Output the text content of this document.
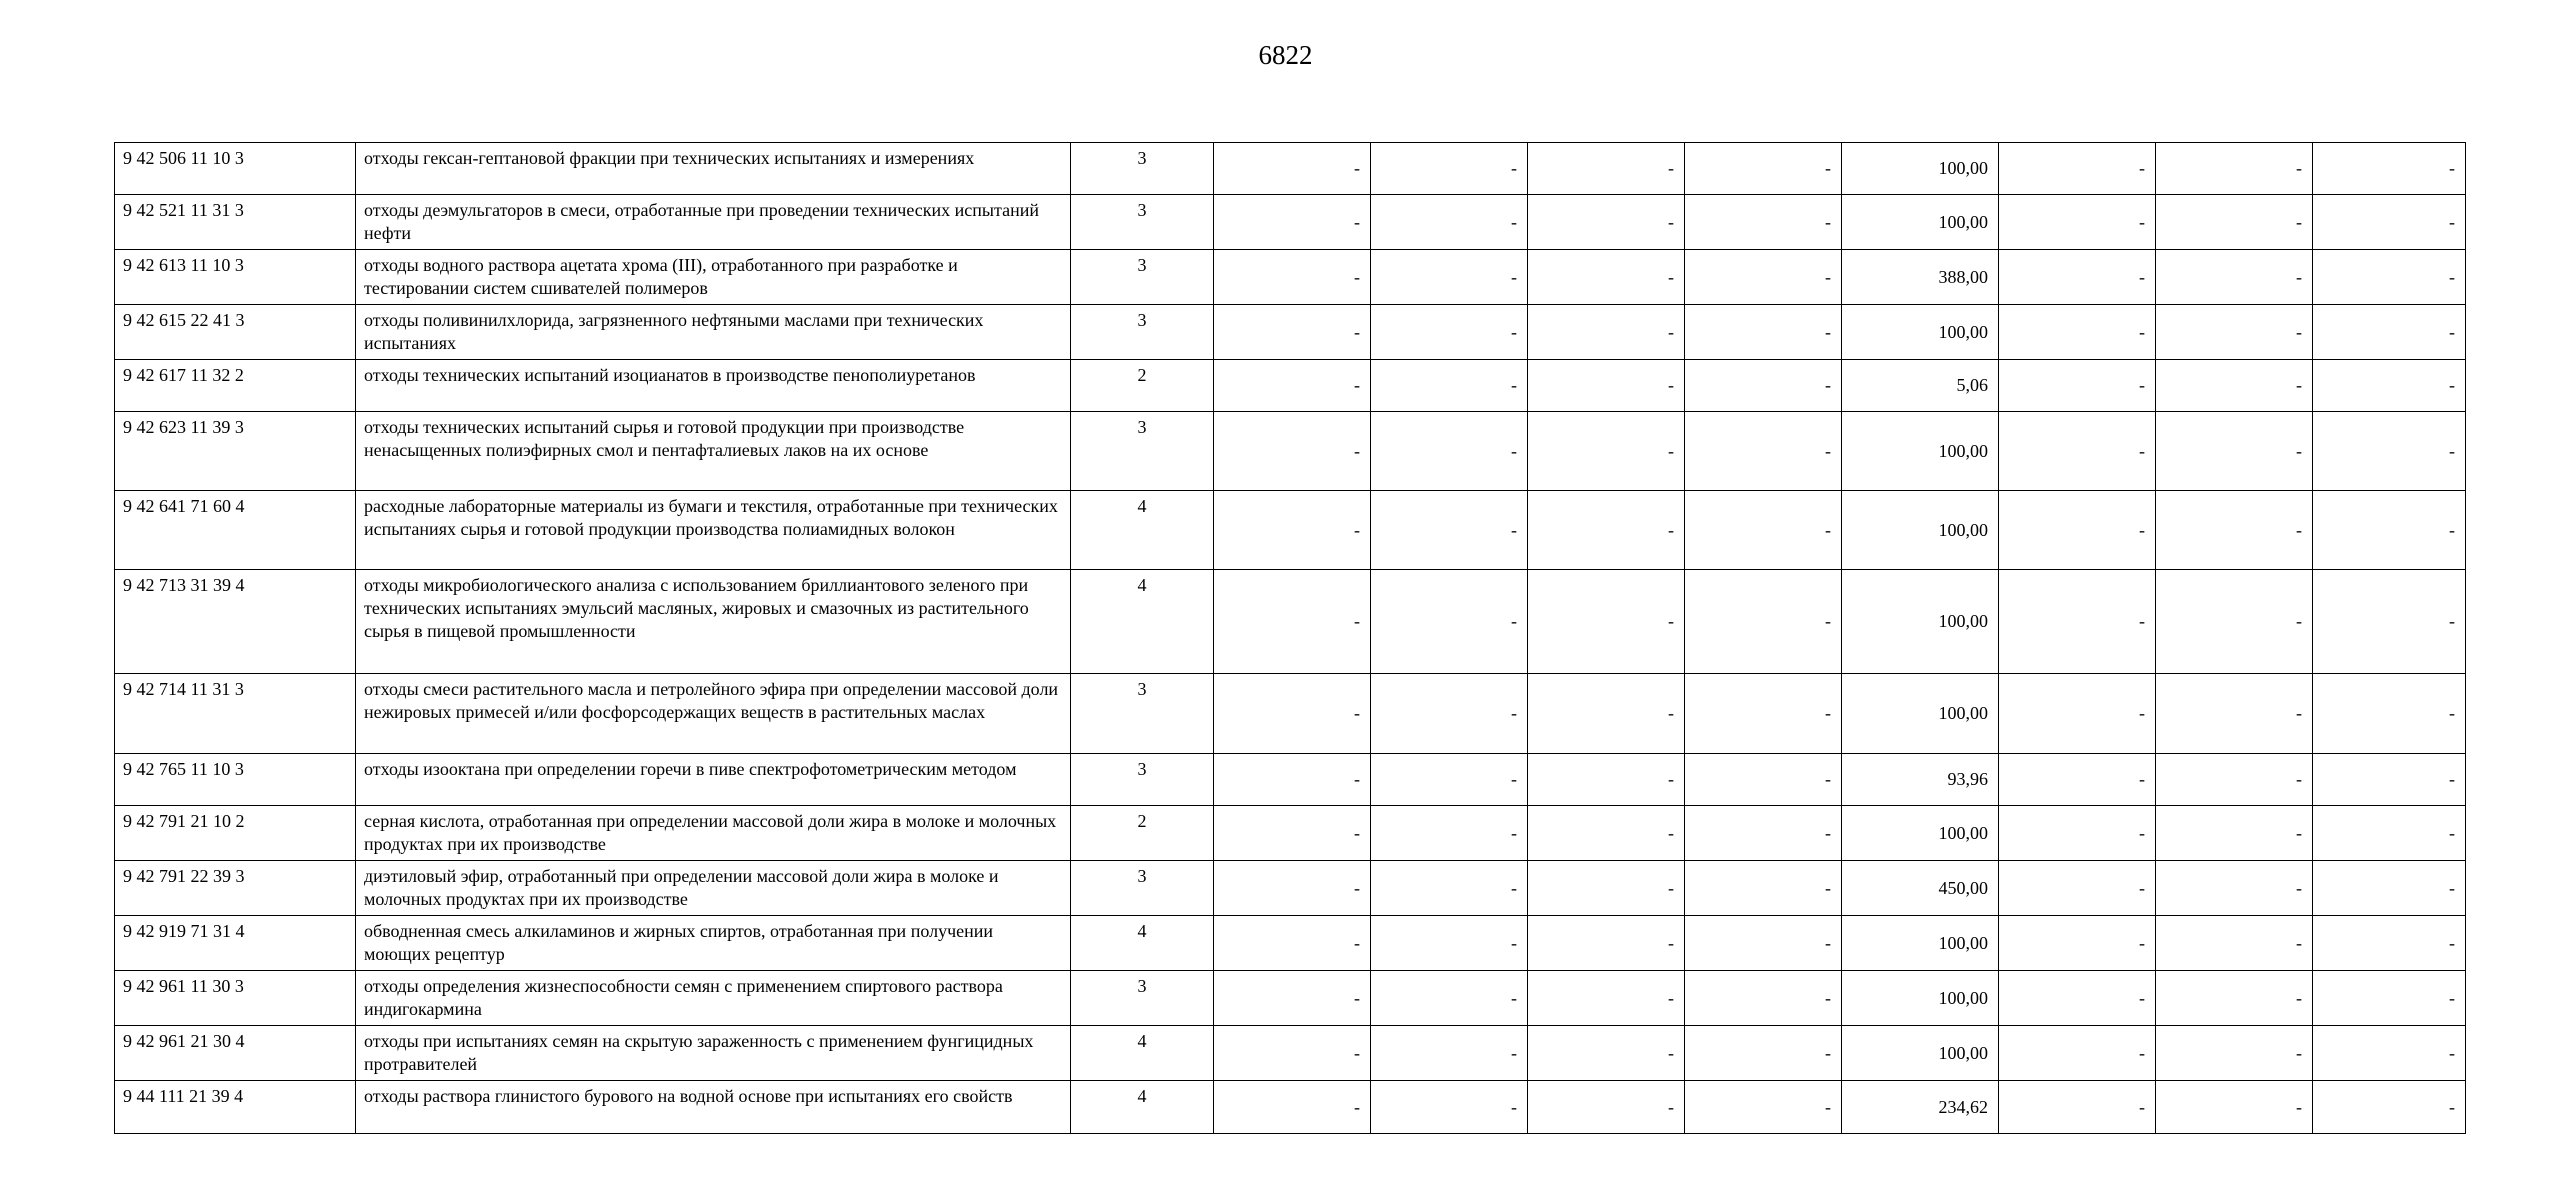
6822
9 42 506 11 10 3	отходы гексан-гептановой фракции при технических испытаниях и измерениях	3	-	-	-	-	100,00	-	-	-
9 42 521 11 31 3	отходы деэмульгаторов в смеси, отработанные при проведении технических испытаний нефти	3	-	-	-	-	100,00	-	-	-
9 42 613 11 10 3	отходы водного раствора ацетата хрома (III), отработанного при разработке и тестировании систем сшивателей полимеров	3	-	-	-	-	388,00	-	-	-
9 42 615 22 41 3	отходы поливинилхлорида, загрязненного нефтяными маслами при технических испытаниях	3	-	-	-	-	100,00	-	-	-
9 42 617 11 32 2	отходы технических испытаний изоцианатов в производстве пенополиуретанов	2	-	-	-	-	5,06	-	-	-
9 42 623 11 39 3	отходы технических испытаний сырья и готовой продукции при производстве ненасыщенных полиэфирных смол и пентафталиевых лаков на их основе	3	-	-	-	-	100,00	-	-	-
9 42 641 71 60 4	расходные лабораторные материалы из бумаги и текстиля, отработанные при технических испытаниях сырья и готовой продукции производства полиамидных волокон	4	-	-	-	-	100,00	-	-	-
9 42 713 31 39 4	отходы микробиологического анализа с использованием бриллиантового зеленого при технических испытаниях эмульсий масляных, жировых и смазочных из растительного сырья в пищевой промышленности	4	-	-	-	-	100,00	-	-	-
9 42 714 11 31 3	отходы смеси растительного масла и петролейного эфира при определении массовой доли нежировых примесей и/или фосфорсодержащих веществ в растительных маслах	3	-	-	-	-	100,00	-	-	-
9 42 765 11 10 3	отходы изооктана при определении горечи в пиве спектрофотометрическим методом	3	-	-	-	-	93,96	-	-	-
9 42 791 21 10 2	серная кислота, отработанная при определении массовой доли жира в молоке и молочных продуктах при их производстве	2	-	-	-	-	100,00	-	-	-
9 42 791 22 39 3	диэтиловый эфир, отработанный при определении массовой доли жира в молоке и молочных продуктах при их производстве	3	-	-	-	-	450,00	-	-	-
9 42 919 71 31 4	обводненная смесь алкиламинов и жирных спиртов, отработанная при получении моющих рецептур	4	-	-	-	-	100,00	-	-	-
9 42 961 11 30 3	отходы определения жизнеспособности семян с применением спиртового раствора индигокармина	3	-	-	-	-	100,00	-	-	-
9 42 961 21 30 4	отходы при испытаниях семян на скрытую зараженность с применением фунгицидных протравителей	4	-	-	-	-	100,00	-	-	-
9 44 111 21 39 4	отходы раствора глинистого бурового на водной основе при испытаниях его свойств	4	-	-	-	-	234,62	-	-	-
